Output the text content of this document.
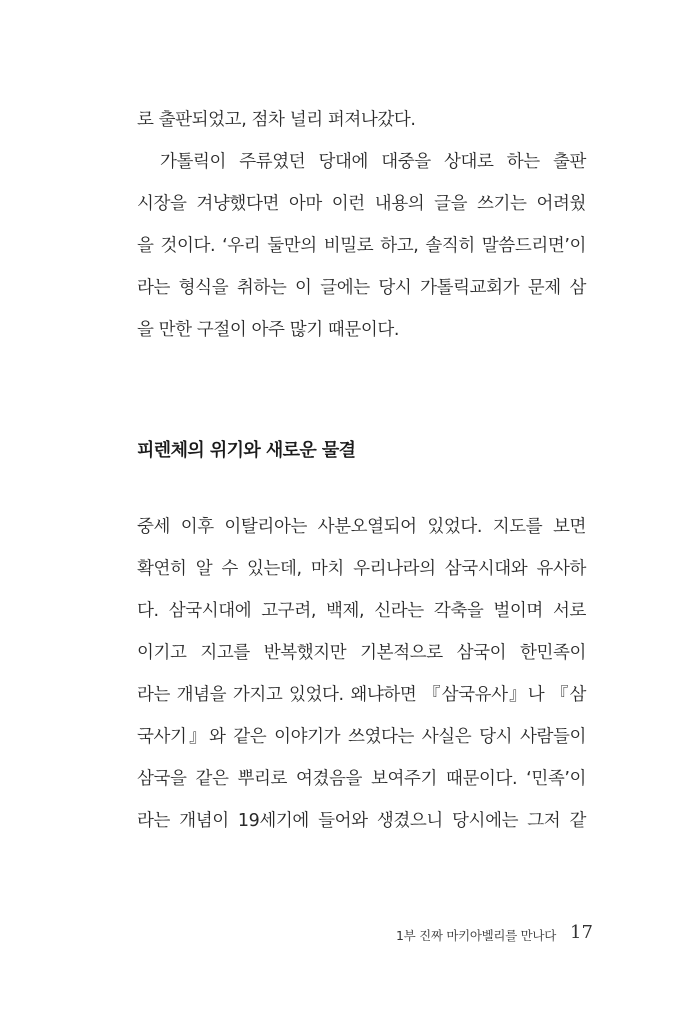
로 출판되었고, 점차 널리 퍼져나갔다.
가톨릭이 주류였던 당대에 대중을 상대로 하는 출판
시장을 겨냥했다면 아마 이런 내용의 글을 쓰기는 어려웠
을 것이다. ‘우리 둘만의 비밀로 하고, 솔직히 말씀드리면’이
라는 형식을 취하는 이 글에는 당시 가톨릭교회가 문제 삼
을 만한 구절이 아주 많기 때문이다.
피렌체의 위기와 새로운 물결
중세 이후 이탈리아는 사분오열되어 있었다. 지도를 보면
확연히 알 수 있는데, 마치 우리나라의 삼국시대와 유사하
다. 삼국시대에 고구려, 백제, 신라는 각축을 벌이며 서로
이기고 지고를 반복했지만 기본적으로 삼국이 한민족이
라는 개념을 가지고 있었다. 왜냐하면 『삼국유사』나 『삼
국사기』와 같은 이야기가 쓰였다는 사실은 당시 사람들이
삼국을 같은 뿌리로 여겼음을 보여주기 때문이다. ‘민족’이
라는 개념이 19세기에 들어와 생겼으니 당시에는 그저 같
1부 진짜 마키아벨리를 만나다 17
